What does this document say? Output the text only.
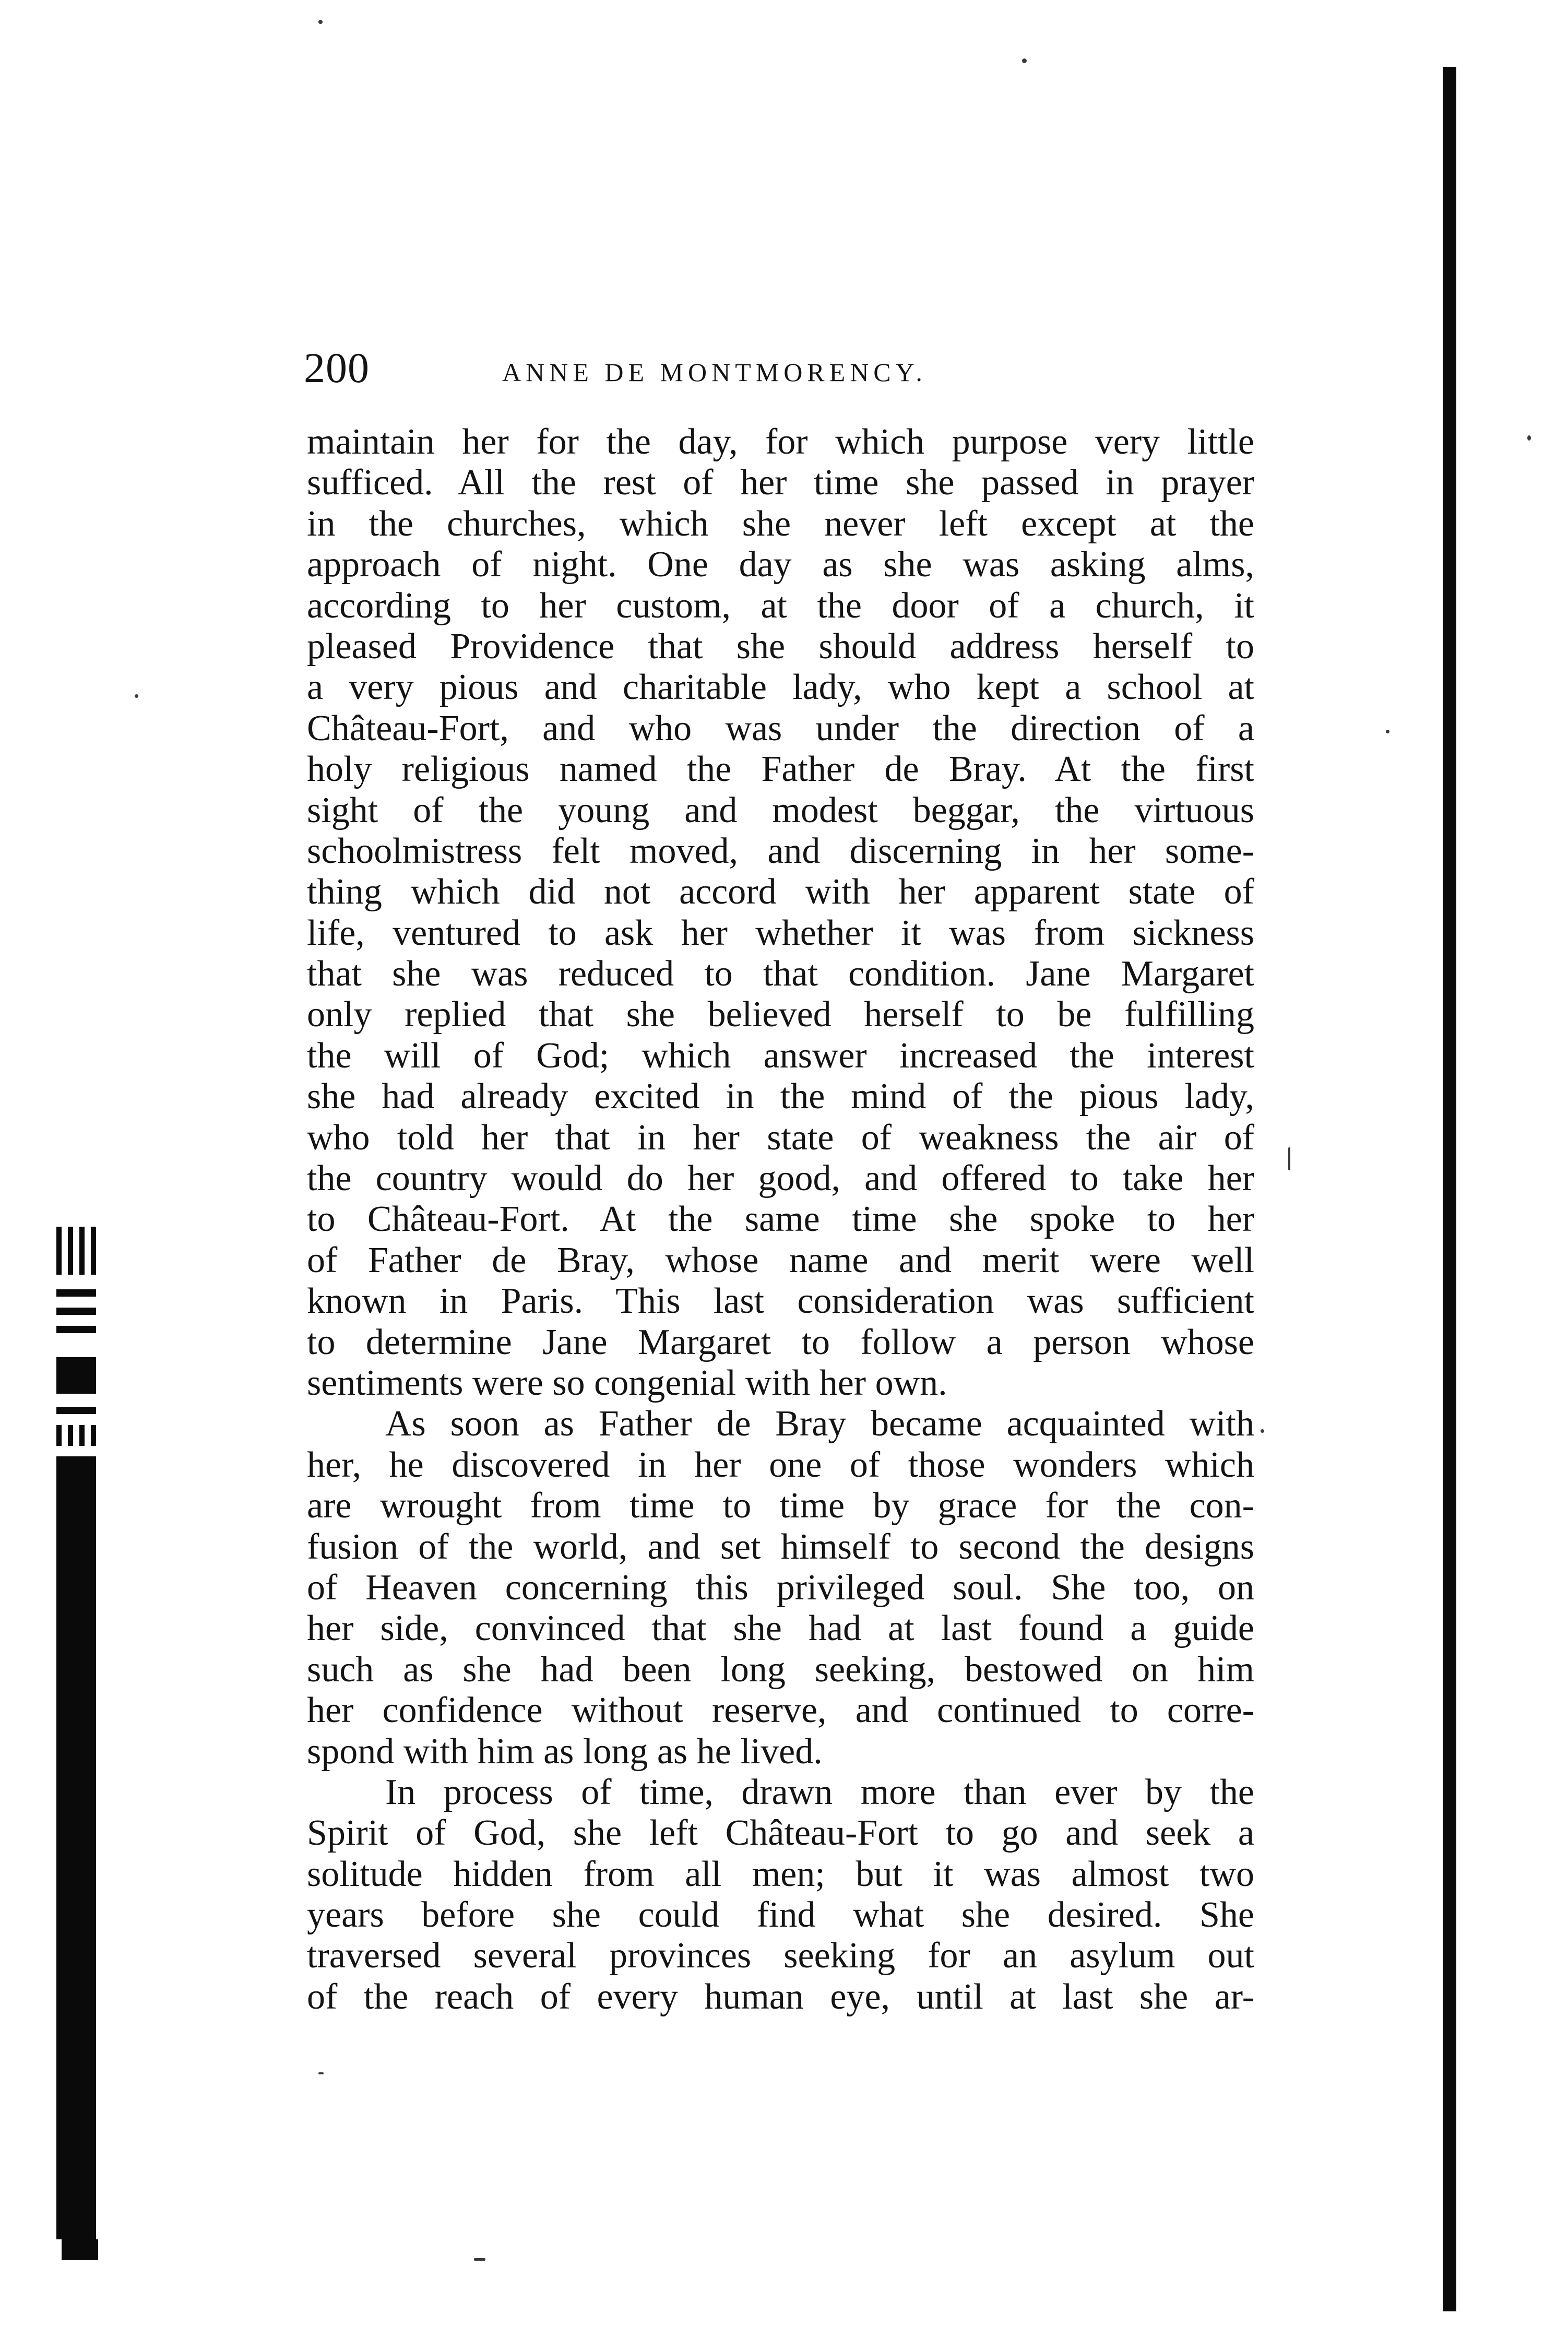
200	ANNE DE MONTMORENCY.
maintain her for the day, for which purpose very little
sufficed. All the rest of her time she passed in prayer
in the churches, which she never left except at the
approach of night. One day as she was asking alms,
according to her custom, at the door of a church, it
pleased Providence that she should address herself to
a very pious and charitable lady, who kept a school at
Château-Fort, and who was under the direction of a
holy religious named the Father de Bray. At the first
sight of the young and modest beggar, the virtuous
schoolmistress felt moved, and discerning in her some-
thing which did not accord with her apparent state of
life, ventured to ask her whether it was from sickness
that she was reduced to that condition. Jane Margaret
only replied that she believed herself to be fulfilling
the will of God; which answer increased the interest
she had already excited in the mind of the pious lady,
who told her that in her state of weakness the air of
the country would do her good, and offered to take her
to Château-Fort. At the same time she spoke to her
of Father de Bray, whose name and merit were well
known in Paris. This last consideration was sufficient
to determine Jane Margaret to follow a person whose
sentiments were so congenial with her own.
As soon as Father de Bray became acquainted with
her, he discovered in her one of those wonders which
are wrought from time to time by grace for the con-
fusion of the world, and set himself to second the designs
of Heaven concerning this privileged soul. She too, on
her side, convinced that she had at last found a guide
such as she had been long seeking, bestowed on him
her confidence without reserve, and continued to corre-
spond with him as long as he lived.
In process of time, drawn more than ever by the
Spirit of God, she left Château-Fort to go and seek a
solitude hidden from all men; but it was almost two
years before she could find what she desired. She
traversed several provinces seeking for an asylum out
of the reach of every human eye, until at last she ar-
